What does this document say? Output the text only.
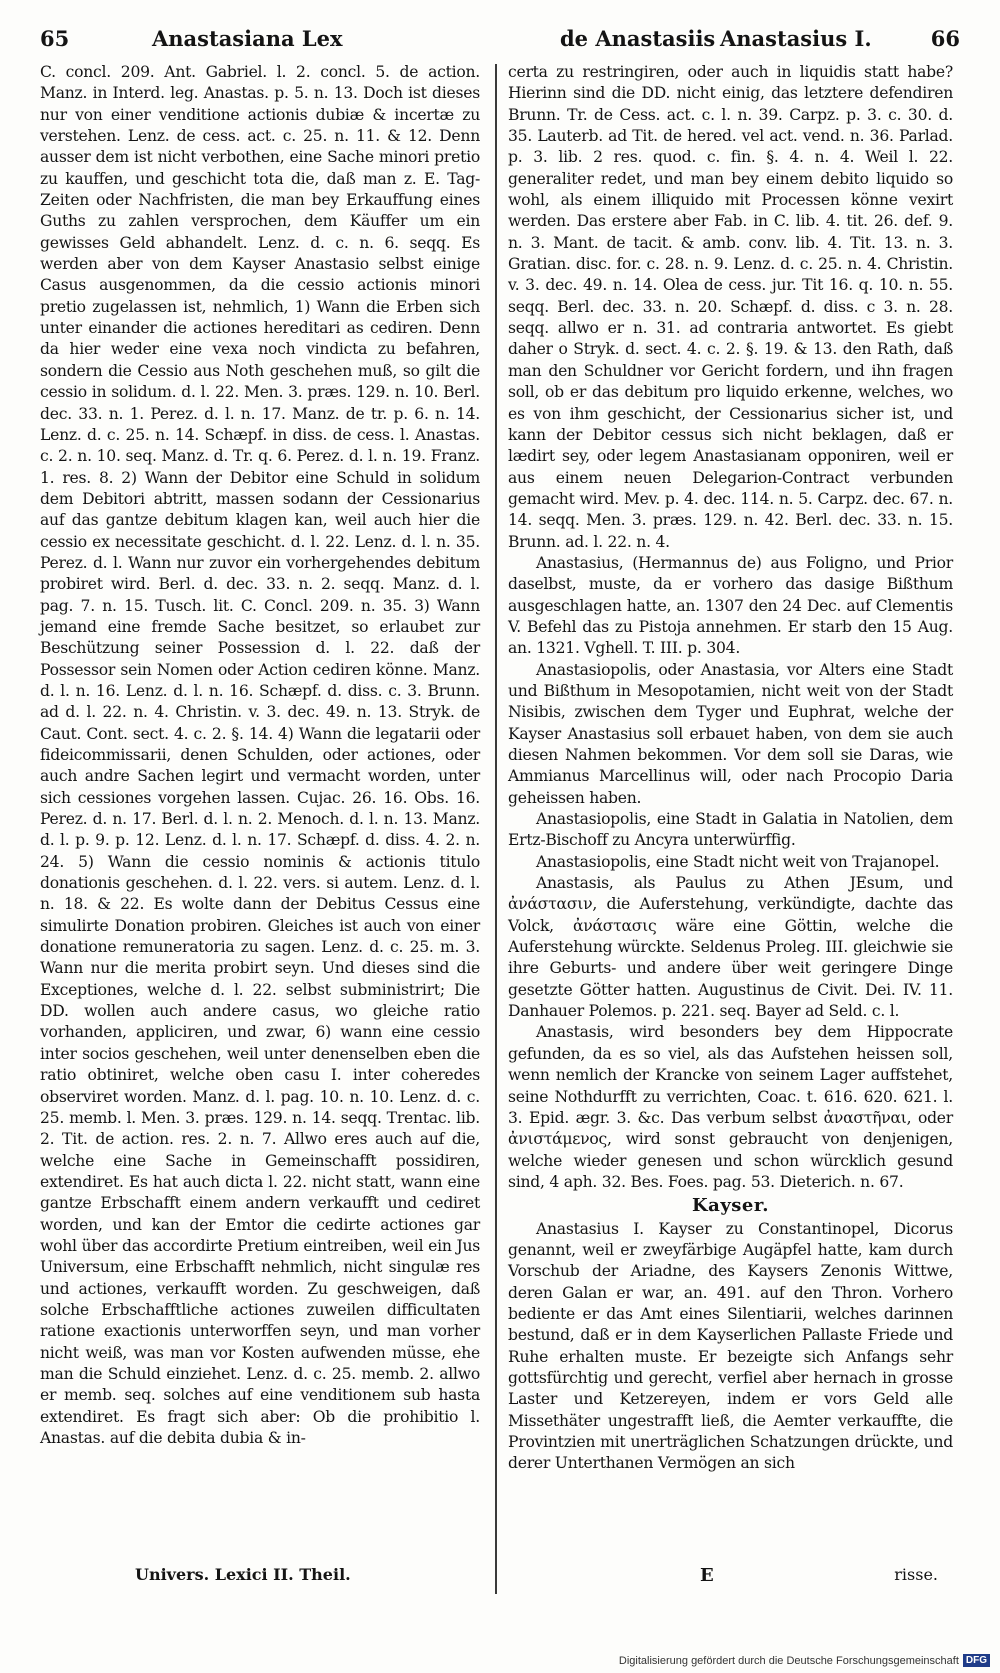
65	Anastasiana Lex	de Anastasiis Anastasius I.	66

C. concl. 209. Ant. Gabriel. l. 2. concl. 5. de action. Manz. in Interd. leg. Anastas. p. 5. n. 13. Doch ist dieses nur von einer venditione actionis dubiæ & incertæ zu verstehen. Lenz. de cess. act. c. 25. n. 11. & 12. Denn ausser dem ist nicht verbothen, eine Sache minori pretio zu kauffen, und geschicht tota die, daß man z. E. Tag-Zeiten oder Nachfristen, die man bey Erkauffung eines Guths zu zahlen versprochen, dem Käuffer um ein gewisses Geld abhandelt. Lenz. d. c. n. 6. seqq. Es werden aber von dem Kayser Anastasio selbst einige Casus ausgenommen, da die cessio actionis minori pretio zugelassen ist, nehmlich, 1) Wann die Erben sich unter einander die actiones hereditari as cediren. Denn da hier weder eine vexa noch vindicta zu befahren, sondern die Cessio aus Noth geschehen muß, so gilt die cessio in solidum. d. l. 22. Men. 3. præs. 129. n. 10. Berl. dec. 33. n. 1. Perez. d. l. n. 17. Manz. de tr. p. 6. n. 14. Lenz. d. c. 25. n. 14. Schæpf. in diss. de cess. l. Anastas. c. 2. n. 10. seq. Manz. d. Tr. q. 6. Perez. d. l. n. 19. Franz. 1. res. 8. 2) Wann der Debitor eine Schuld in solidum dem Debitori abtritt, massen sodann der Cessionarius auf das gantze debitum klagen kan, weil auch hier die cessio ex necessitate geschicht. d. l. 22. Lenz. d. l. n. 35. Perez. d. l. Wann nur zuvor ein vorhergehendes debitum probiret wird. Berl. d. dec. 33. n. 2. seqq. Manz. d. l. pag. 7. n. 15. Tusch. lit. C. Concl. 209. n. 35. 3) Wann jemand eine fremde Sache besitzet, so erlaubet zur Beschützung seiner Possession d. l. 22. daß der Possessor sein Nomen oder Action cediren könne. Manz. d. l. n. 16. Lenz. d. l. n. 16. Schæpf. d. diss. c. 3. Brunn. ad d. l. 22. n. 4. Christin. v. 3. dec. 49. n. 13. Stryk. de Caut. Cont. sect. 4. c. 2. §. 14. 4) Wann die legatarii oder fideicommissarii, denen Schulden, oder actiones, oder auch andre Sachen legirt und vermacht worden, unter sich cessiones vorgehen lassen. Cujac. 26. 16. Obs. 16. Perez. d. n. 17. Berl. d. l. n. 2. Menoch. d. l. n. 13. Manz. d. l. p. 9. p. 12. Lenz. d. l. n. 17. Schæpf. d. diss. 4. 2. n. 24. 5) Wann die cessio nominis & actionis titulo donationis geschehen. d. l. 22. vers. si autem. Lenz. d. l. n. 18. & 22. Es wolte dann der Debitus Cessus eine simulirte Donation probiren. Gleiches ist auch von einer donatione remuneratoria zu sagen. Lenz. d. c. 25. m. 3. Wann nur die merita probirt seyn. Und dieses sind die Exceptiones, welche d. l. 22. selbst subministrirt; Die DD. wollen auch andere casus, wo gleiche ratio vorhanden, appliciren, und zwar, 6) wann eine cessio inter socios geschehen, weil unter denenselben eben die ratio obtiniret, welche oben casu I. inter coheredes observiret worden. Manz. d. l. pag. 10. n. 10. Lenz. d. c. 25. memb. l. Men. 3. præs. 129. n. 14. seqq. Trentac. lib. 2. Tit. de action. res. 2. n. 7. Allwo eres auch auf die, welche eine Sache in Gemeinschafft possidiren, extendiret. Es hat auch dicta l. 22. nicht statt, wann eine gantze Erbschafft einem andern verkaufft und cediret worden, und kan der Emtor die cedirte actiones gar wohl über das accordirte Pretium eintreiben, weil ein Jus Universum, eine Erbschafft nehmlich, nicht singulæ res und actiones, verkaufft worden. Zu geschweigen, daß solche Erbschafftliche actiones zuweilen difficultaten ratione exactionis unterworffen seyn, und man vorher nicht weiß, was man vor Kosten aufwenden müsse, ehe man die Schuld einziehet. Lenz. d. c. 25. memb. 2. allwo er memb. seq. solches auf eine venditionem sub hasta extendiret. Es fragt sich aber: Ob die prohibitio l. Anastas. auf die debita dubia & in-

certa zu restringiren, oder auch in liquidis statt habe? Hierinn sind die DD. nicht einig, das letztere defendiren Brunn. Tr. de Cess. act. c. l. n. 39. Carpz. p. 3. c. 30. d. 35. Lauterb. ad Tit. de hered. vel act. vend. n. 36. Parlad. p. 3. lib. 2 res. quod. c. fin. §. 4. n. 4. Weil l. 22. generaliter redet, und man bey einem debito liquido so wohl, als einem illiquido mit Processen könne vexirt werden. Das erstere aber Fab. in C. lib. 4. tit. 26. def. 9. n. 3. Mant. de tacit. & amb. conv. lib. 4. Tit. 13. n. 3. Gratian. disc. for. c. 28. n. 9. Lenz. d. c. 25. n. 4. Christin. v. 3. dec. 49. n. 14. Olea de cess. jur. Tit 16. q. 10. n. 55. seqq. Berl. dec. 33. n. 20. Schæpf. d. diss. c 3. n. 28. seqq. allwo er n. 31. ad contraria antwortet. Es giebt daher o Stryk. d. sect. 4. c. 2. §. 19. & 13. den Rath, daß man den Schuldner vor Gericht fordern, und ihn fragen soll, ob er das debitum pro liquido erkenne, welches, wo es von ihm geschicht, der Cessionarius sicher ist, und kann der Debitor cessus sich nicht beklagen, daß er lædirt sey, oder legem Anastasianam opponiren, weil er aus einem neuen Delegarion-Contract verbunden gemacht wird. Mev. p. 4. dec. 114. n. 5. Carpz. dec. 67. n. 14. seqq. Men. 3. præs. 129. n. 42. Berl. dec. 33. n. 15. Brunn. ad. l. 22. n. 4.

Anastasius, (Hermannus de) aus Foligno, und Prior daselbst, muste, da er vorhero das dasige Bißthum ausgeschlagen hatte, an. 1307 den 24 Dec. auf Clementis V. Befehl das zu Pistoja annehmen. Er starb den 15 Aug. an. 1321. Vghell. T. III. p. 304.

Anastasiopolis, oder Anastasia, vor Alters eine Stadt und Bißthum in Mesopotamien, nicht weit von der Stadt Nisibis, zwischen dem Tyger und Euphrat, welche der Kayser Anastasius soll erbauet haben, von dem sie auch diesen Nahmen bekommen. Vor dem soll sie Daras, wie Ammianus Marcellinus will, oder nach Procopio Daria geheissen haben.

Anastasiopolis, eine Stadt in Galatia in Natolien, dem Ertz-Bischoff zu Ancyra unterwürffig.

Anastasiopolis, eine Stadt nicht weit von Trajanopel.

Anastasis, als Paulus zu Athen JEsum, und ἀνάστασιν, die Auferstehung, verkündigte, dachte das Volck, ἀνάστασις wäre eine Göttin, welche die Auferstehung würckte. Seldenus Proleg. III. gleichwie sie ihre Geburts- und andere über weit geringere Dinge gesetzte Götter hatten. Augustinus de Civit. Dei. IV. 11. Danhauer Polemos. p. 221. seq. Bayer ad Seld. c. l.

Anastasis, wird besonders bey dem Hippocrate gefunden, da es so viel, als das Aufstehen heissen soll, wenn nemlich der Krancke von seinem Lager auffstehet, seine Nothdurfft zu verrichten, Coac. t. 616. 620. 621. l. 3. Epid. ægr. 3. &c. Das verbum selbst ἀναστῆναι, oder ἀνιστάμενος, wird sonst gebraucht von denjenigen, welche wieder genesen und schon würcklich gesund sind, 4 aph. 32. Bes. Foes. pag. 53. Dieterich. n. 67.

Kayser.

Anastasius I. Kayser zu Constantinopel, Dicorus genannt, weil er zweyfärbige Augäpfel hatte, kam durch Vorschub der Ariadne, des Kaysers Zenonis Wittwe, deren Galan er war, an. 491. auf den Thron. Vorhero bediente er das Amt eines Silentiarii, welches darinnen bestund, daß er in dem Kayserlichen Pallaste Friede und Ruhe erhalten muste. Er bezeigte sich Anfangs sehr gottsfürchtig und gerecht, verfiel aber hernach in grosse Laster und Ketzereyen, indem er vors Geld alle Missethäter ungestrafft ließ, die Aemter verkauffte, die Provintzien mit unerträglichen Schatzungen drückte, und derer Unterthanen Vermögen an sich

Univers. Lexici II. Theil.	E	risse.
Digitalisierung gefördert durch die Deutsche Forschungsgemeinschaft DFG
